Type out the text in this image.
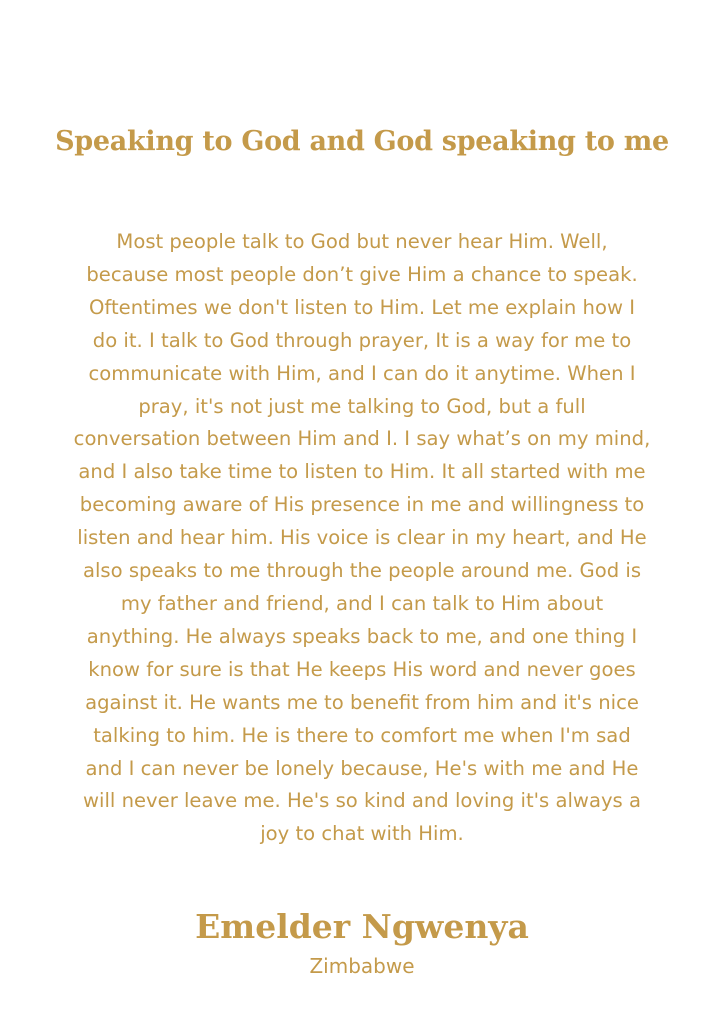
Speaking to God and God speaking to me
Most people talk to God but never hear Him. Well,
because most people don’t give Him a chance to speak.
Oftentimes we don't listen to Him. Let me explain how I
do it. I talk to God through prayer, It is a way for me to
communicate with Him, and I can do it anytime. When I
pray, it's not just me talking to God, but a full
conversation between Him and I. I say what’s on my mind,
and I also take time to listen to Him. It all started with me
becoming aware of His presence in me and willingness to
listen and hear him. His voice is clear in my heart, and He
also speaks to me through the people around me. God is
my father and friend, and I can talk to Him about
anything. He always speaks back to me, and one thing I
know for sure is that He keeps His word and never goes
against it. He wants me to benefit from him and it's nice
talking to him. He is there to comfort me when I'm sad
and I can never be lonely because, He's with me and He
will never leave me. He's so kind and loving it's always a
joy to chat with Him.
Emelder Ngwenya
Zimbabwe
